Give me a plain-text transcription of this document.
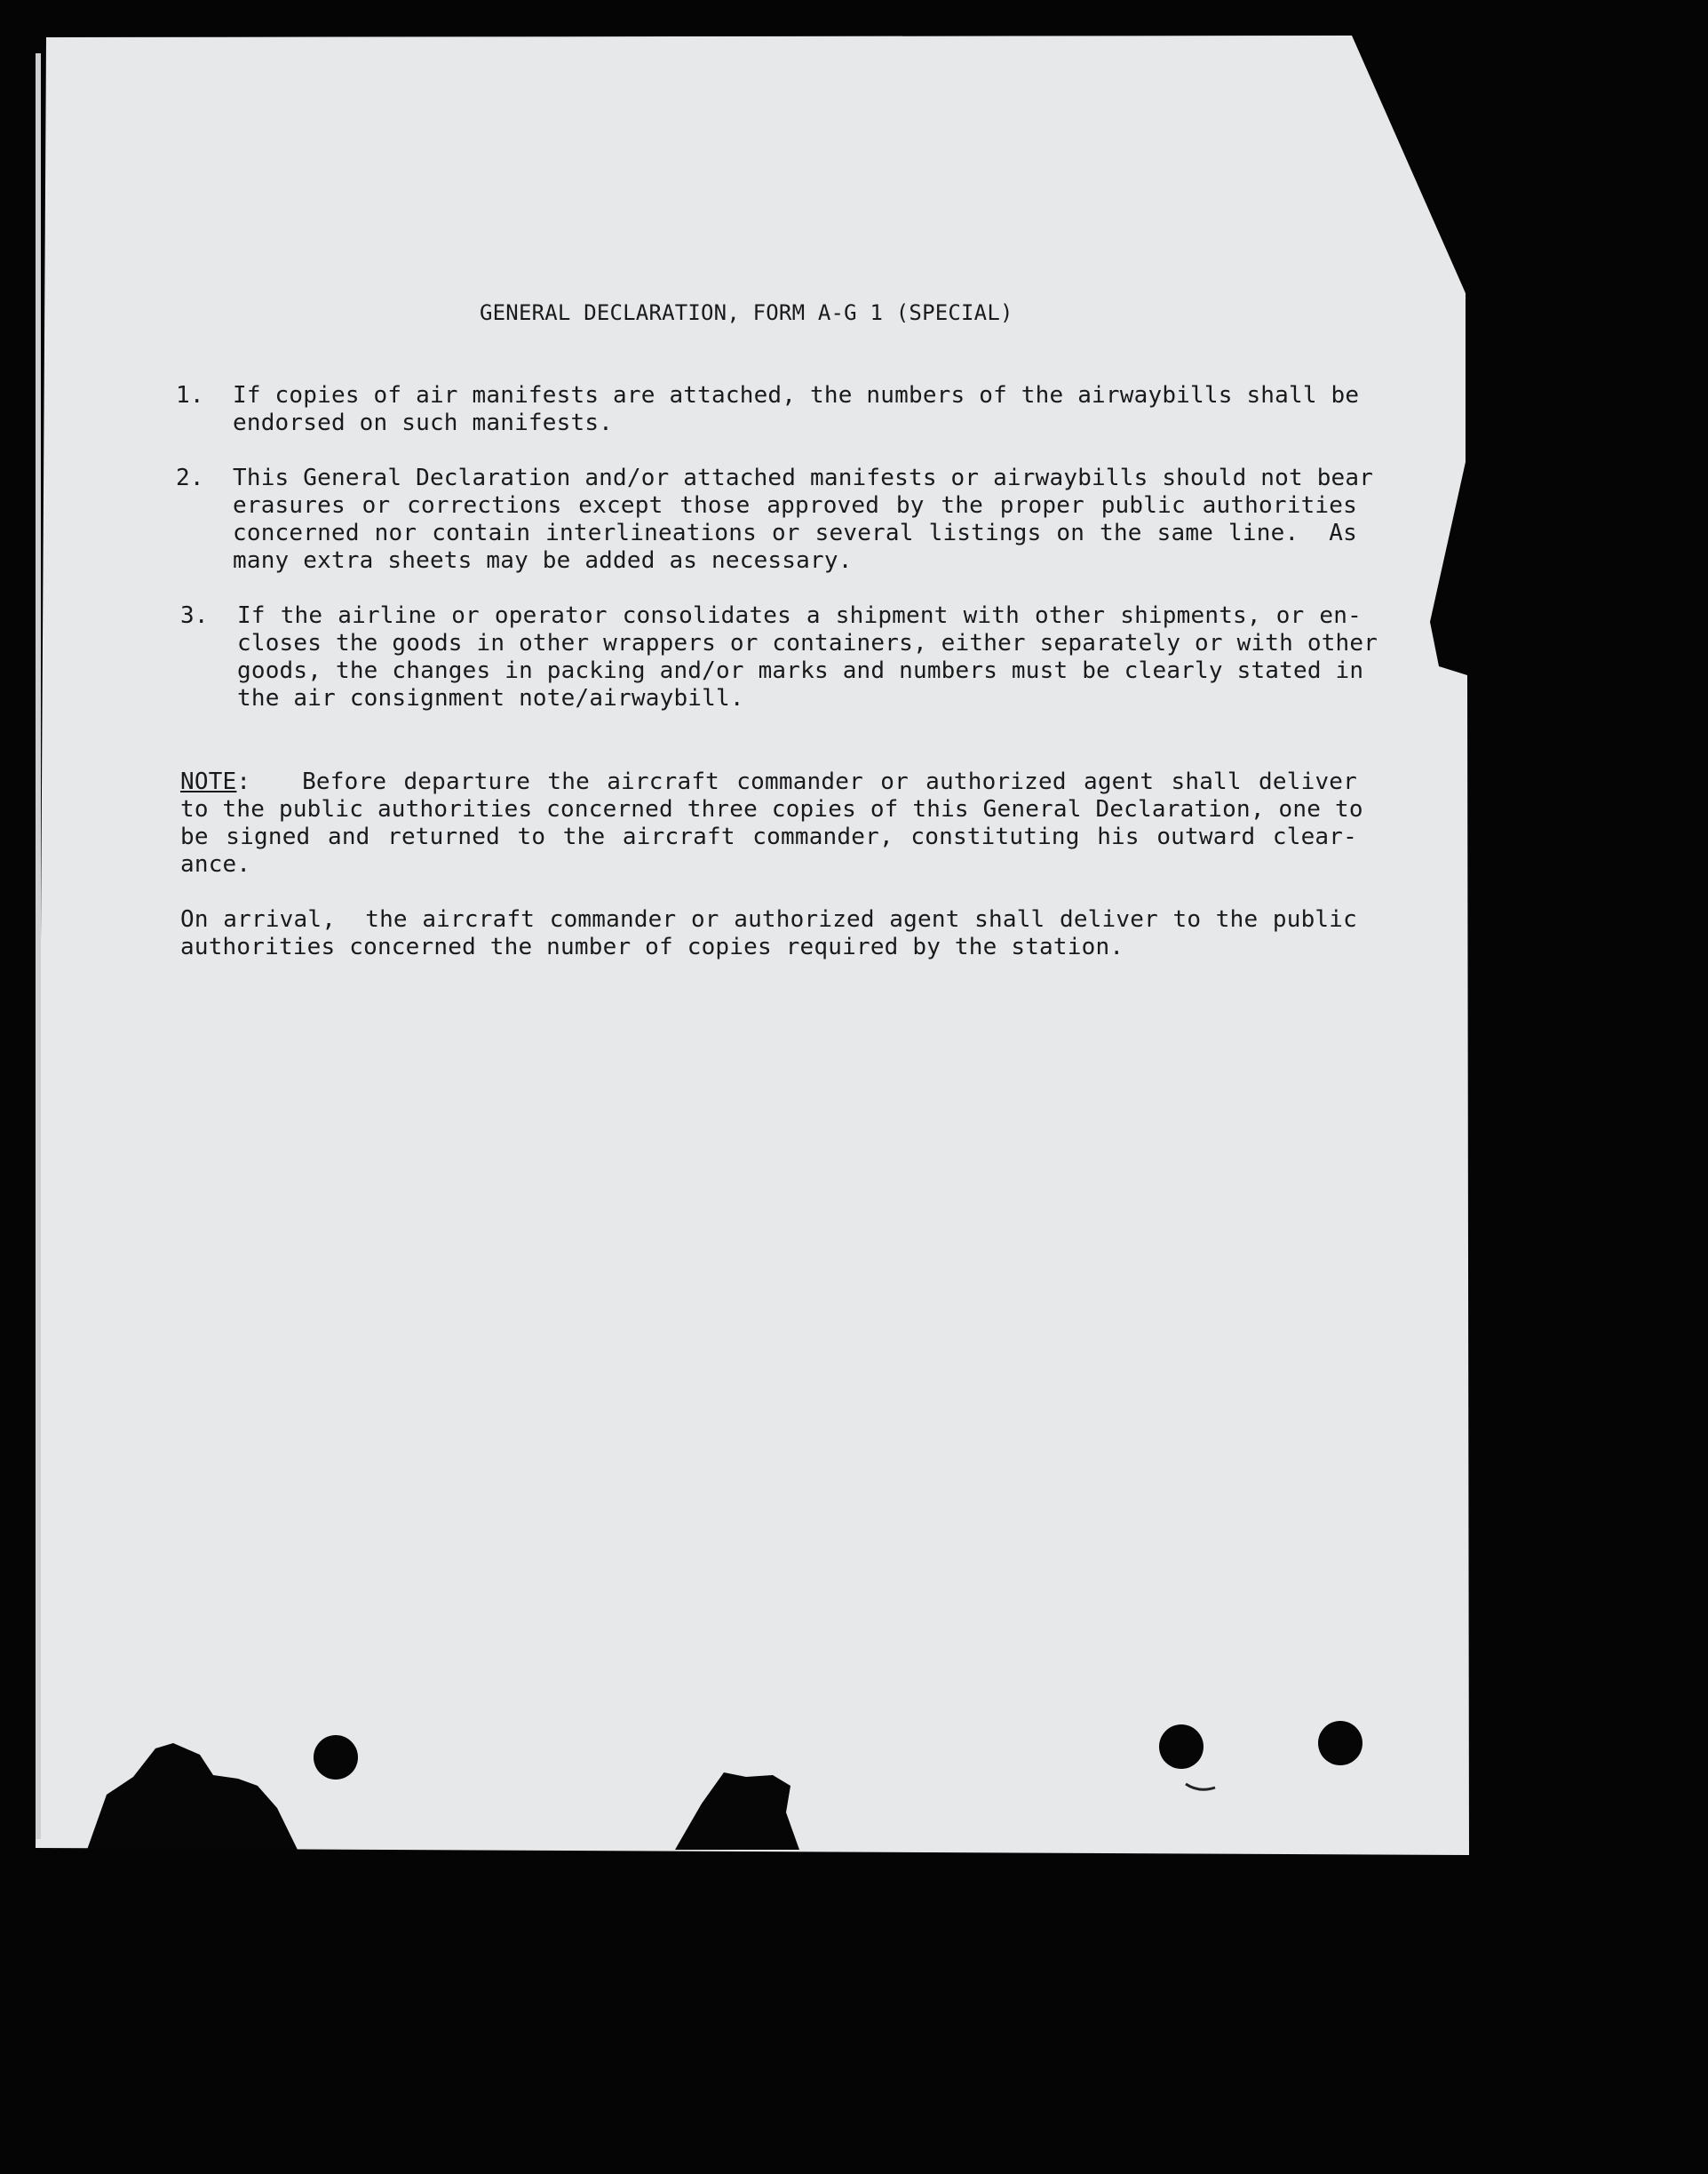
GENERAL DECLARATION, FORM A-G 1 (SPECIAL)
1. If copies of air manifests are attached, the numbers of the airwaybills shall be
endorsed on such manifests.
2. This General Declaration and/or attached manifests or airwaybills should not bear
erasures or corrections except those approved by the proper public authorities
concerned nor contain interlineations or several listings on the same line.  As
many extra sheets may be added as necessary.
3. If the airline or operator consolidates a shipment with other shipments, or en-
closes the goods in other wrappers or containers, either separately or with other
goods, the changes in packing and/or marks and numbers must be clearly stated in
the air consignment note/airwaybill.
NOTE:   Before departure the aircraft commander or authorized agent shall deliver
to the public authorities concerned three copies of this General Declaration, one to
be signed and returned to the aircraft commander, constituting his outward clear-
ance.
On arrival,  the aircraft commander or authorized agent shall deliver to the public
authorities concerned the number of copies required by the station.
